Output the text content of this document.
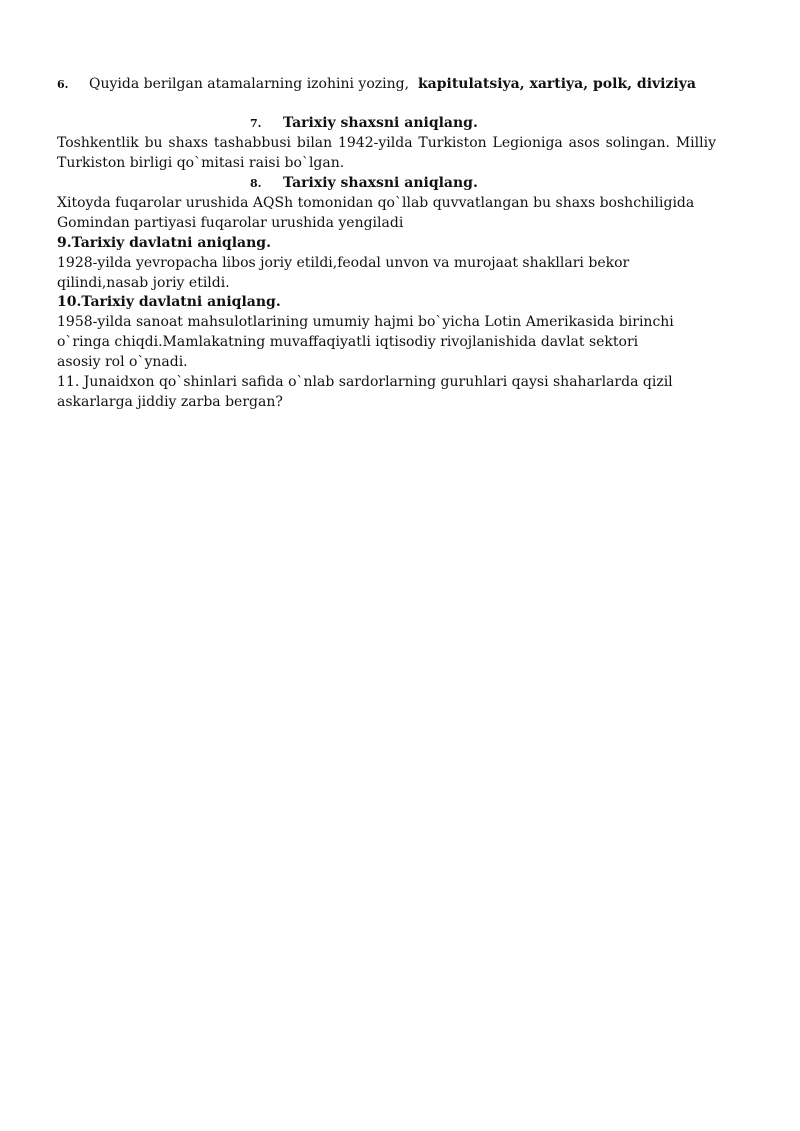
6. Quyida berilgan atamalarning izohini yozing, kapitulatsiya, xartiya, polk, diviziya
7. Tarixiy shaxsni aniqlang.
Toshkentlik bu shaxs tashabbusi bilan 1942-yilda Turkiston Legioniga asos solingan. Milliy
Turkiston birligi qo`mitasi raisi bo`lgan.
8. Tarixiy shaxsni aniqlang.
Xitoyda fuqarolar urushida AQSh tomonidan qo`llab quvvatlangan bu shaxs boshchiligida
Gomindan partiyasi fuqarolar urushida yengiladi
9.Tarixiy davlatni aniqlang.
1928-yilda yevropacha libos joriy etildi,feodal unvon va murojaat shakllari bekor
qilindi,nasab joriy etildi.
10.Tarixiy davlatni aniqlang.
1958-yilda sanoat mahsulotlarining umumiy hajmi bo`yicha Lotin Amerikasida birinchi
o`ringa chiqdi.Mamlakatning muvaffaqiyatli iqtisodiy rivojlanishida davlat sektori
asosiy rol o`ynadi.
11. Junaidxon qo`shinlari safida o`nlab sardorlarning guruhlari qaysi shaharlarda qizil
askarlarga jiddiy zarba bergan?
